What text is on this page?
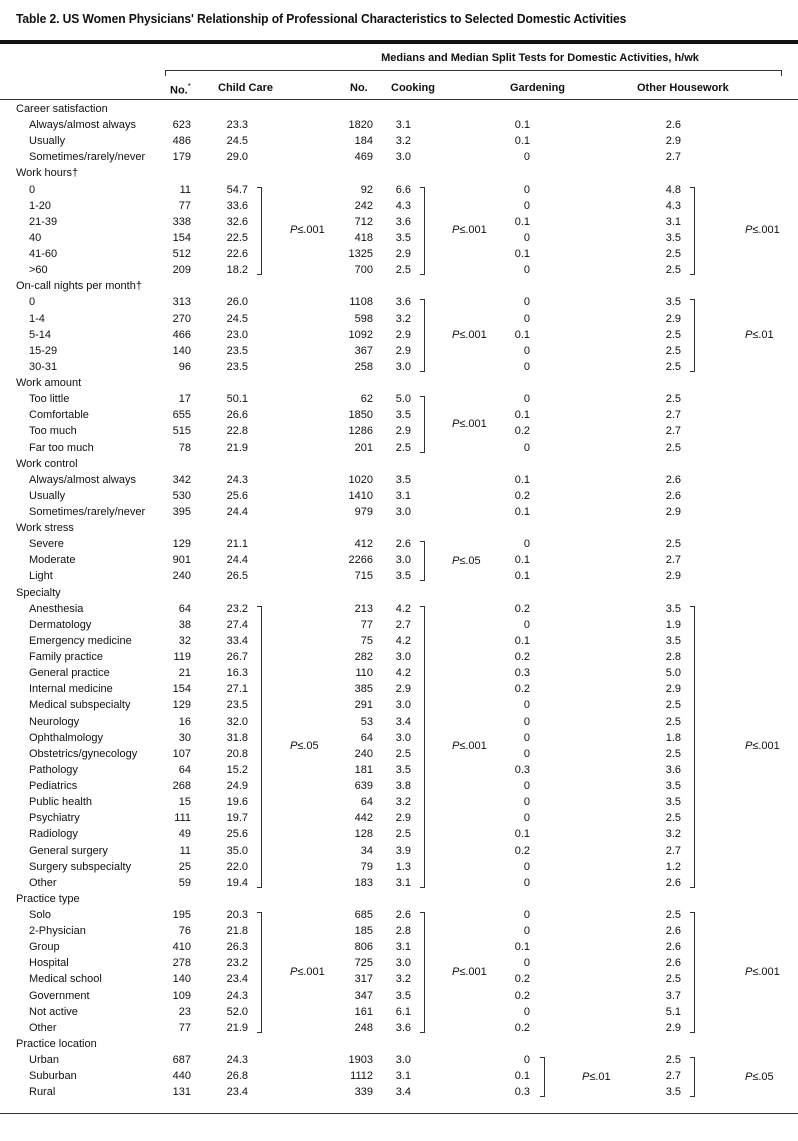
Table 2. US Women Physicians' Relationship of Professional Characteristics to Selected Domestic Activities
Medians and Median Split Tests for Domestic Activities, h/wk
No.* Child Care	No. Cooking	Gardening	Other Housework
Career satisfaction
Always/almost always	623	23.3	1820	3.1	0.1	2.6
Usually	486	24.5	184	3.2	0.1	2.9
Sometimes/rarely/never	179	29.0	469	3.0	0	2.7
Work hours†
0	11	54.7	92	6.6	0	4.8
1-20	77	33.6	242	4.3	0	4.3
21-39	338	32.6	712	3.6	0.1	3.1
40	154	22.5	418	3.5	0	3.5
41-60	512	22.6	1325	2.9	0.1	2.5
>60	209	18.2	700	2.5	0	2.5
On-call nights per month†
0	313	26.0	1108	3.6	0	3.5
1-4	270	24.5	598	3.2	0	2.9
5-14	466	23.0	1092	2.9	0.1	2.5
15-29	140	23.5	367	2.9	0	2.5
30-31	96	23.5	258	3.0	0	2.5
Work amount
Too little	17	50.1	62	5.0	0	2.5
Comfortable	655	26.6	1850	3.5	0.1	2.7
Too much	515	22.8	1286	2.9	0.2	2.7
Far too much	78	21.9	201	2.5	0	2.5
Work control
Always/almost always	342	24.3	1020	3.5	0.1	2.6
Usually	530	25.6	1410	3.1	0.2	2.6
Sometimes/rarely/never	395	24.4	979	3.0	0.1	2.9
Work stress
Severe	129	21.1	412	2.6	0	2.5
Moderate	901	24.4	2266	3.0	0.1	2.7
Light	240	26.5	715	3.5	0.1	2.9
Specialty
Anesthesia	64	23.2	213	4.2	0.2	3.5
Dermatology	38	27.4	77	2.7	0	1.9
Emergency medicine	32	33.4	75	4.2	0.1	3.5
Family practice	119	26.7	282	3.0	0.2	2.8
General practice	21	16.3	110	4.2	0.3	5.0
Internal medicine	154	27.1	385	2.9	0.2	2.9
Medical subspecialty	129	23.5	291	3.0	0	2.5
Neurology	16	32.0	53	3.4	0	2.5
Ophthalmology	30	31.8	64	3.0	0	1.8
Obstetrics/gynecology	107	20.8	240	2.5	0	2.5
Pathology	64	15.2	181	3.5	0.3	3.6
Pediatrics	268	24.9	639	3.8	0	3.5
Public health	15	19.6	64	3.2	0	3.5
Psychiatry	111	19.7	442	2.9	0	2.5
Radiology	49	25.6	128	2.5	0.1	3.2
General surgery	11	35.0	34	3.9	0.2	2.7
Surgery subspecialty	25	22.0	79	1.3	0	1.2
Other	59	19.4	183	3.1	0	2.6
Practice type
Solo	195	20.3	685	2.6	0	2.5
2-Physician	76	21.8	185	2.8	0	2.6
Group	410	26.3	806	3.1	0.1	2.6
Hospital	278	23.2	725	3.0	0	2.6
Medical school	140	23.4	317	3.2	0.2	2.5
Government	109	24.3	347	3.5	0.2	3.7
Not active	23	52.0	161	6.1	0	5.1
Other	77	21.9	248	3.6	0.2	2.9
Practice location
Urban	687	24.3	1903	3.0	0	2.5
Suburban	440	26.8	1112	3.1	0.1	2.7
Rural	131	23.4	339	3.4	0.3	3.5
P≤.001	P≤.001	P≤.001
P≤.001	P≤.01
P≤.001
P≤.05
P≤.05	P≤.001	P≤.001
P≤.001	P≤.001	P≤.001
P≤.01	P≤.05
